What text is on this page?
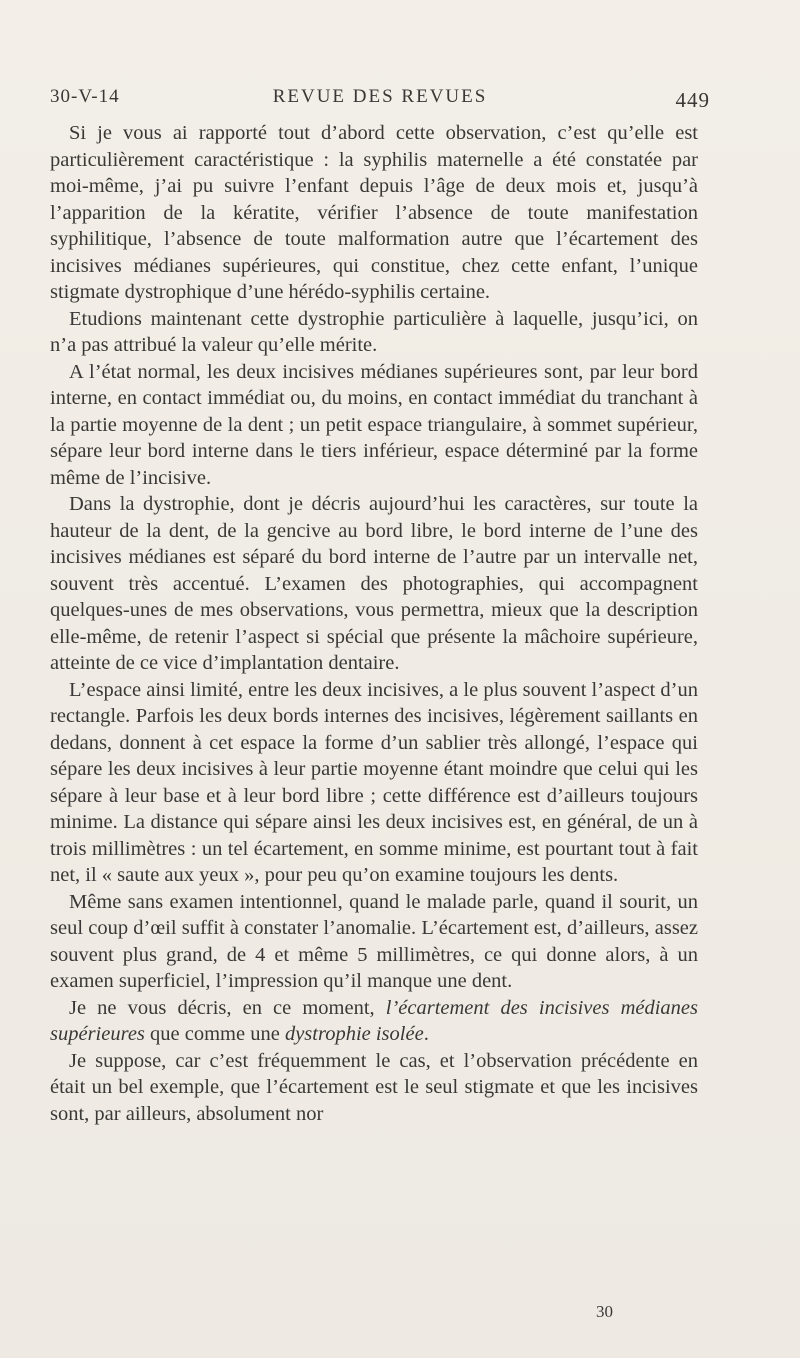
30-V-14	REVUE DES REVUES	449

Si je vous ai rapporté tout d’abord cette observation, c’est qu’elle est particulièrement caractéristique : la syphilis maternelle a été constatée par moi-même, j’ai pu suivre l’enfant depuis l’âge de deux mois et, jusqu’à l’apparition de la kératite, vérifier l’absence de toute manifestation syphilitique, l’absence de toute malformation autre que l’écartement des incisives médianes supérieures, qui constitue, chez cette enfant, l’unique stigmate dystrophique d’une hérédo-syphilis certaine.

Etudions maintenant cette dystrophie particulière à laquelle, jusqu’ici, on n’a pas attribué la valeur qu’elle mérite.

A l’état normal, les deux incisives médianes supérieures sont, par leur bord interne, en contact immédiat ou, du moins, en contact immédiat du tranchant à la partie moyenne de la dent ; un petit espace triangulaire, à sommet supérieur, sépare leur bord interne dans le tiers inférieur, espace déterminé par la forme même de l’incisive.

Dans la dystrophie, dont je décris aujourd’hui les caractères, sur toute la hauteur de la dent, de la gencive au bord libre, le bord interne de l’une des incisives médianes est séparé du bord interne de l’autre par un intervalle net, souvent très accentué. L’examen des photographies, qui accompagnent quelques-unes de mes observations, vous permettra, mieux que la description elle-même, de retenir l’aspect si spécial que présente la mâchoire supérieure, atteinte de ce vice d’implantation dentaire.

L’espace ainsi limité, entre les deux incisives, a le plus souvent l’aspect d’un rectangle. Parfois les deux bords internes des incisives, légèrement saillants en dedans, donnent à cet espace la forme d’un sablier très allongé, l’espace qui sépare les deux incisives à leur partie moyenne étant moindre que celui qui les sépare à leur base et à leur bord libre ; cette différence est d’ailleurs toujours minime. La distance qui sépare ainsi les deux incisives est, en général, de un à trois millimètres : un tel écartement, en somme minime, est pourtant tout à fait net, il « saute aux yeux », pour peu qu’on examine toujours les dents.

Même sans examen intentionnel, quand le malade parle, quand il sourit, un seul coup d’œil suffit à constater l’anomalie. L’écartement est, d’ailleurs, assez souvent plus grand, de 4 et même 5 millimètres, ce qui donne alors, à un examen superficiel, l’impression qu’il manque une dent.

Je ne vous décris, en ce moment, l’écartement des incisives médianes supérieures que comme une dystrophie isolée.

Je suppose, car c’est fréquemment le cas, et l’observation précédente en était un bel exemple, que l’écartement est le seul stigmate et que les incisives sont, par ailleurs, absolument nor

30
